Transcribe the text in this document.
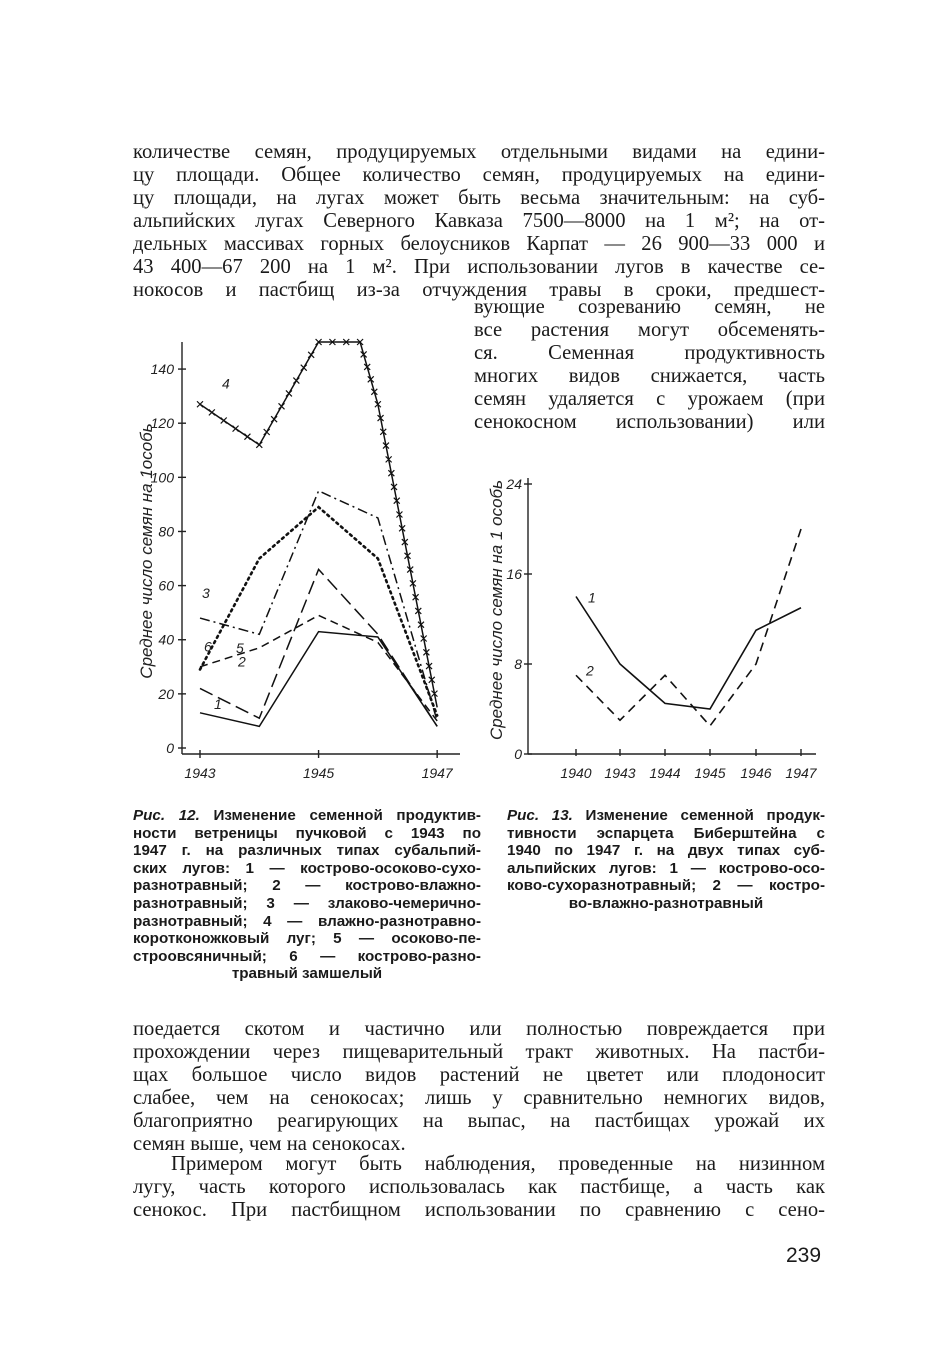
количестве семян, продуцируемых отдельными видами на едини-
цу площади. Общее количество семян, продуцируемых на едини-
цу площади, на лугах может быть весьма значительным: на суб-
альпийских лугах Северного Кавказа 7500—8000 на 1 м²; на от-
дельных массивах горных белоусников Карпат — 26 900—33 000 и
43 400—67 200 на 1 м². При использовании лугов в качестве се-
нокосов и пастбищ из-за отчуждения травы в сроки, предшест-
вующие созреванию семян, не
все растения могут обсеменять-
ся. Семенная продуктивность
многих видов снижается, часть
семян удаляется с урожаем (при
сенокосном использовании) или
0
20
40
60
80
100
120
140
1943	1945	1947
Среднее число семян на 1особь
1
2
3
4
5
6
0
8
16
24
1940 1943 1944 1945 1946 1947
Среднее число семян на 1 особь	1
2
Рис. 12. Изменение семенной продуктив-
ности ветреницы пучковой с 1943 по
1947 г. на различных типах субальпий-
ских лугов: 1 — кострово-осоково-сухо-
разнотравный; 2 — кострово-влажно-
разнотравный; 3 — злаково-чемерично-
разнотравный; 4 — влажно-разнотравно-
коротконожковый луг; 5 — осоково-пе-
строовсяничный; 6 — кострово-разно-
травный замшелый
Рис. 13. Изменение семенной продук-
тивности эспарцета Биберштейна с
1940 по 1947 г. на двух типах суб-
альпийских лугов: 1 — кострово-осо-
ково-сухоразнотравный; 2 — костро-
во-влажно-разнотравный
поедается скотом и частично или полностью повреждается при
прохождении через пищеварительный тракт животных. На пастби-
щах большое число видов растений не цветет или плодоносит
слабее, чем на сенокосах; лишь у сравнительно немногих видов,
благоприятно реагирующих на выпас, на пастбищах урожай их
семян выше, чем на сенокосах.
Примером могут быть наблюдения, проведенные на низинном
лугу, часть которого использовалась как пастбище, а часть как
сенокос. При пастбищном использовании по сравнению с сено-
239
